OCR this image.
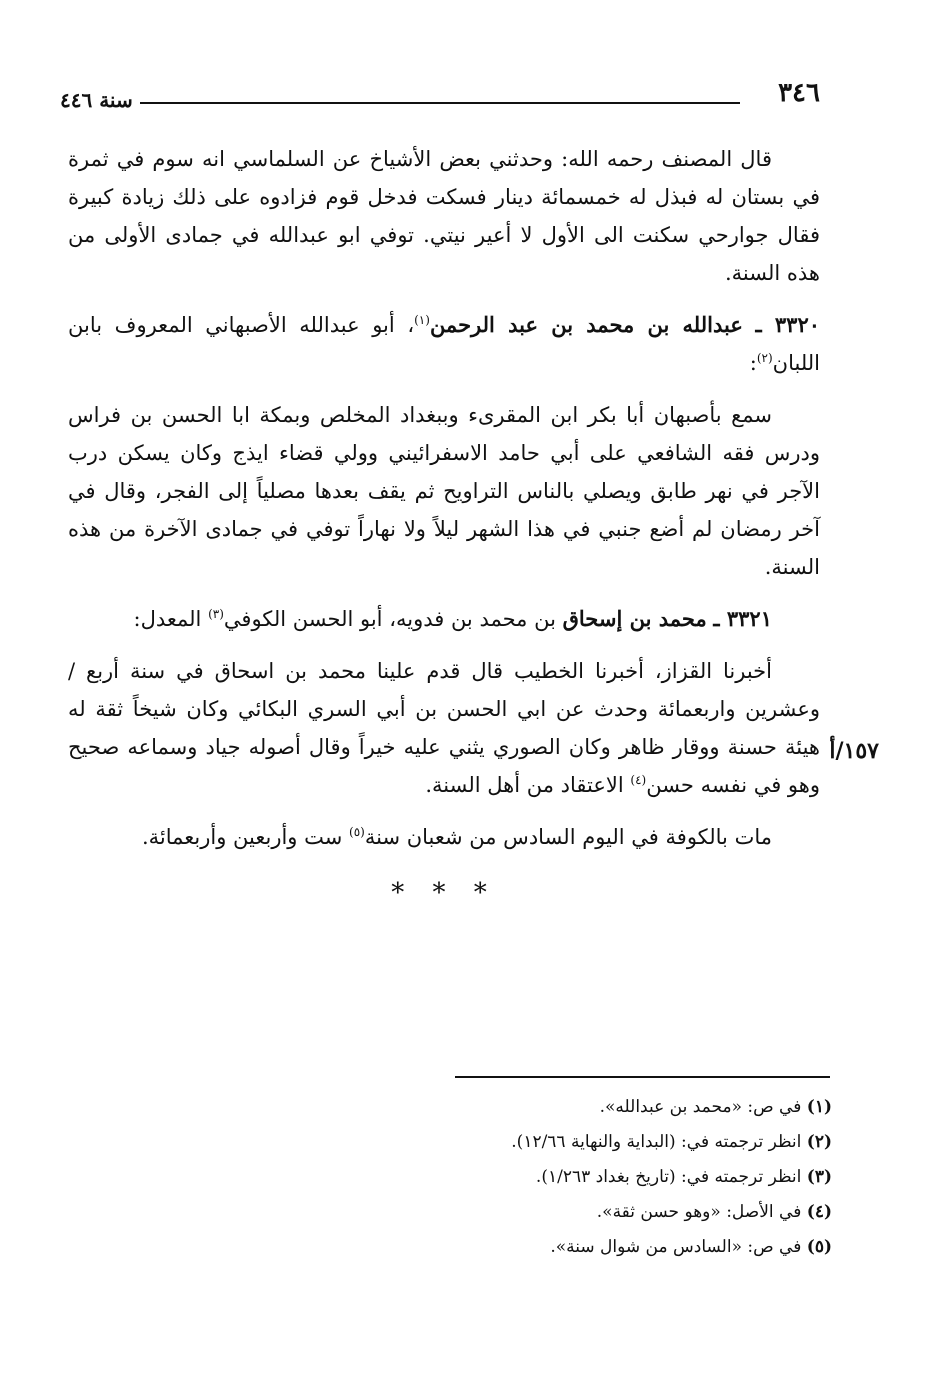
٣٤٦
سنة ٤٤٦
١٥٧/أ

قال المصنف رحمه الله: وحدثني بعض الأشياخ عن السلماسي انه سوم في ثمرة في بستان له فبذل له خمسمائة دينار فسكت فدخل قوم فزادوه على ذلك زيادة كبيرة فقال جوارحي سكنت الى الأول لا أعير نيتي. توفي ابو عبدالله في جمادى الأولى من هذه السنة.

٣٣٢٠ ـ عبدالله بن محمد بن عبد الرحمن$^{(١)}$، أبو عبدالله الأصبهاني المعروف بابن اللبان$^{(٢)}$:

سمع بأصبهان أبا بكر ابن المقرىء وببغداد المخلص وبمكة ابا الحسن بن فراس ودرس فقه الشافعي على أبي حامد الاسفرائيني وولي قضاء ايذج وكان يسكن درب الآجر في نهر طابق ويصلي بالناس التراويح ثم يقف بعدها مصلياً إلى الفجر، وقال في آخر رمضان لم أضع جنبي في هذا الشهر ليلاً ولا نهاراً توفي في جمادى الآخرة من هذه السنة.

٣٣٢١ ـ محمد بن إسحاق بن محمد بن فدويه، أبو الحسن الكوفي$^{(٣)}$ المعدل:

أخبرنا القزاز، أخبرنا الخطيب قال قدم علينا محمد بن اسحاق في سنة أربع / وعشرين واربعمائة وحدث عن ابي الحسن بن أبي السري البكائي وكان شيخاً ثقة له هيئة حسنة ووقار ظاهر وكان الصوري يثني عليه خيراً وقال أصوله جياد وسماعه صحيح وهو في نفسه حسن$^{(٤)}$ الاعتقاد من أهل السنة.

مات بالكوفة في اليوم السادس من شعبان سنة$^{(٥)}$ ست وأربعين وأربعمائة.

* * *
(١) في ص: «محمد بن عبدالله».
(٢) انظر ترجمته في: (البداية والنهاية ١٢/٦٦).
(٣) انظر ترجمته في: (تاريخ بغداد ١/٢٦٣).
(٤) في الأصل: «وهو حسن ثقة».
(٥) في ص: «السادس من شوال سنة».
